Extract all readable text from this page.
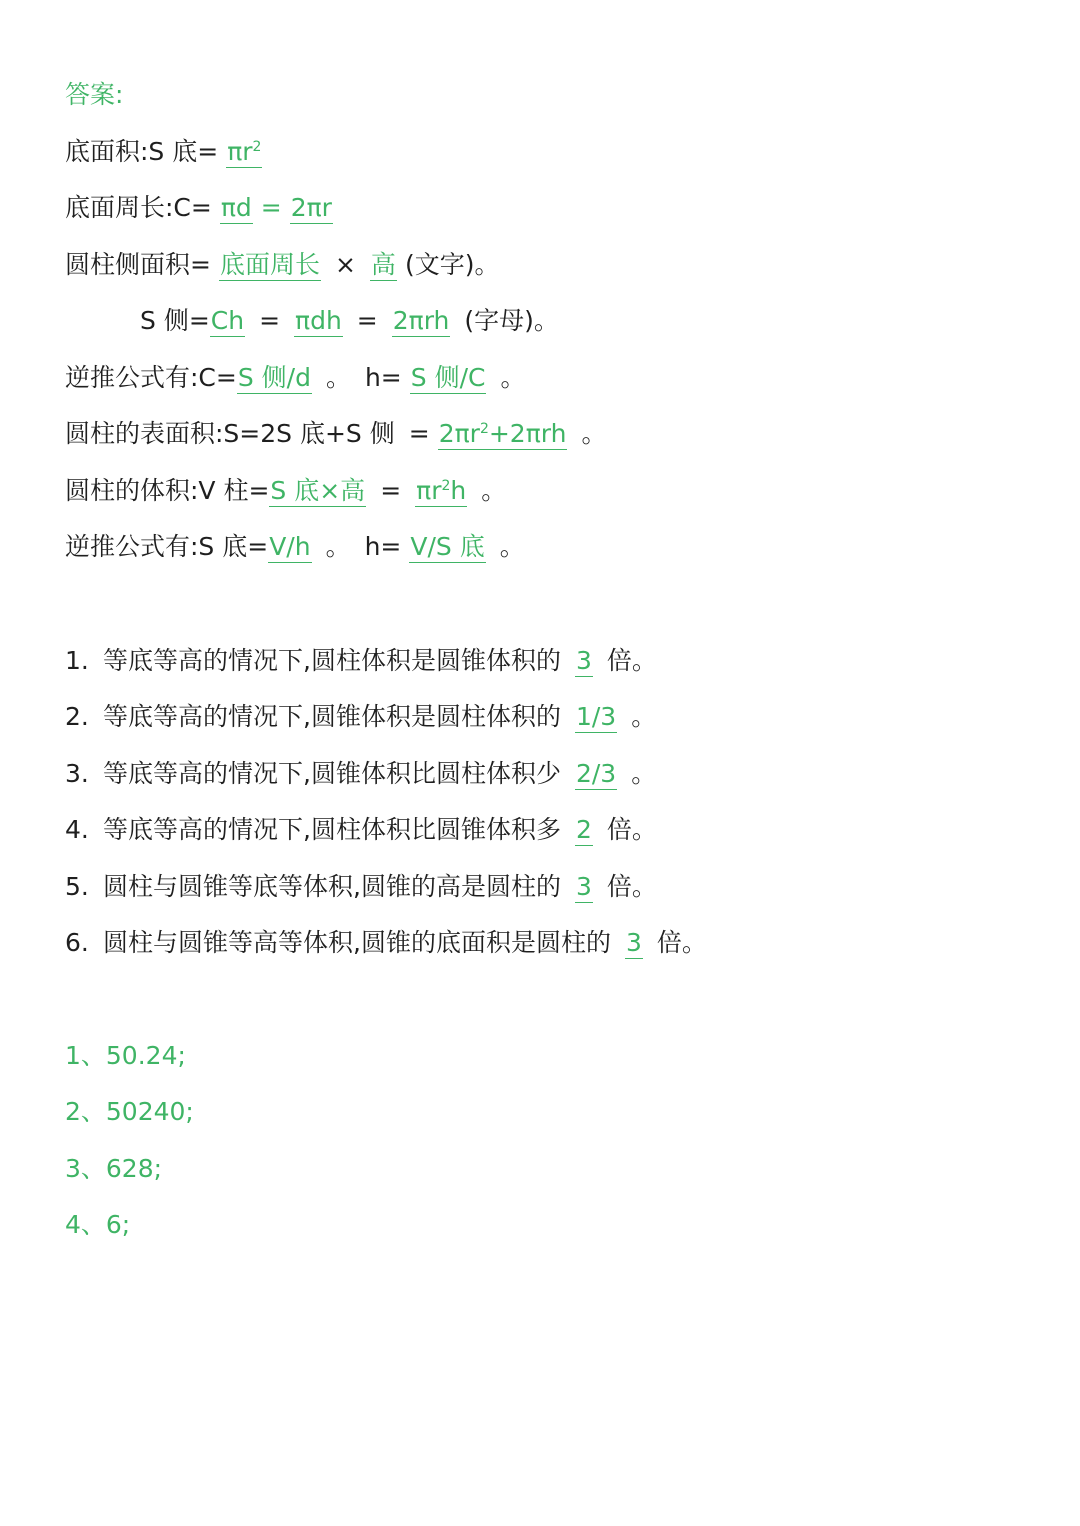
答案:
底面积:S 底= $\pi r^2$
底面周长:C= πd = 2πr
圆柱侧面积= 底面周长 × 高 (文字)。
S 侧=Ch = πdh = 2πrh (字母)。
逆推公式有:C=S 侧/d 。 h= S 侧/C 。
圆柱的表面积:S=2S 底+S 侧 = $2\pi r^2+2\pi rh$ 。
圆柱的体积:V 柱=S 底×高 = $\pi r^2h$ 。
逆推公式有:S 底=V/h 。 h= V/S 底 。
1. 等底等高的情况下,圆柱体积是圆锥体积的 3 倍。
2. 等底等高的情况下,圆锥体积是圆柱体积的 1/3 。
3. 等底等高的情况下,圆锥体积比圆柱体积少 2/3 。
4. 等底等高的情况下,圆柱体积比圆锥体积多 2 倍。
5. 圆柱与圆锥等底等体积,圆锥的高是圆柱的 3 倍。
6. 圆柱与圆锥等高等体积,圆锥的底面积是圆柱的 3 倍。
1、50.24;
2、50240;
3、628;
4、6;
